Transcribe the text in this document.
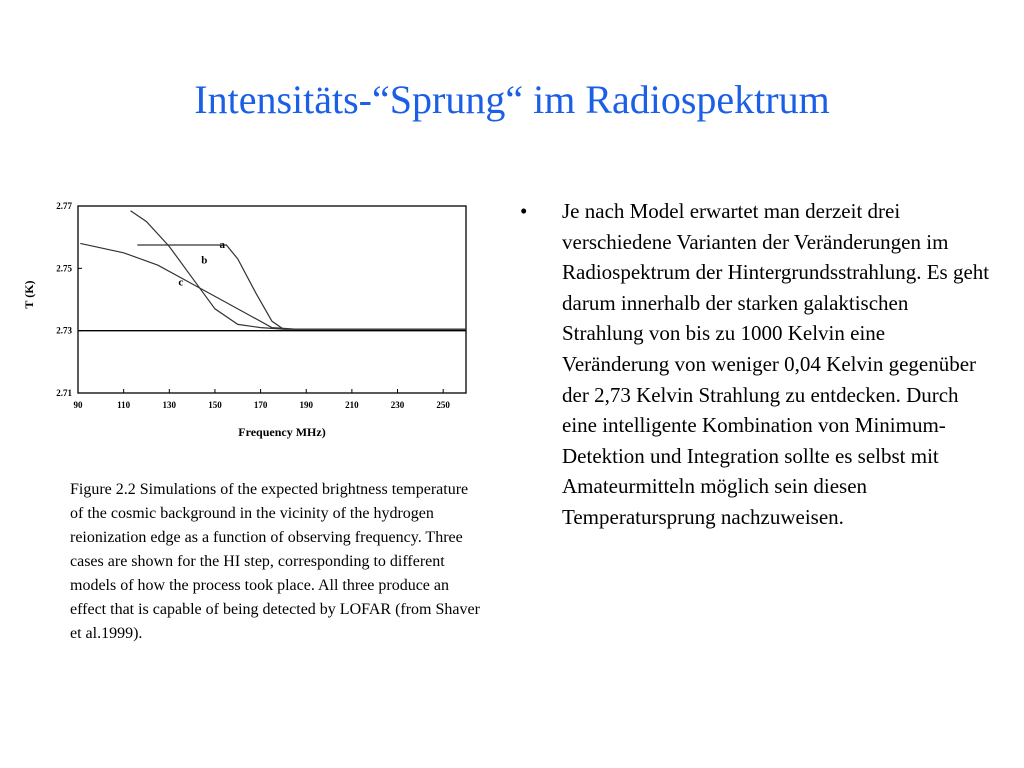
Intensitäts-“Sprung“ im Radiospektrum
90	110	130	150	170	190	210	230	250
2.77
2.75
2.73
2.71
Frequency MHz)
T (K)
a
b
c
Figure 2.2 Simulations of the expected brightness temperature of the cosmic background in the vicinity of the hydrogen reionization edge as a function of observing frequency. Three cases are shown for the HI step, corresponding to different models of how the process took place. All three produce an effect that is capable of being detected by LOFAR (from Shaver et al.1999).
• Je nach Model erwartet man derzeit drei verschiedene Varianten der Veränderungen im Radiospektrum der Hintergrundsstrahlung. Es geht darum innerhalb der starken galaktischen Strahlung von bis zu 1000 Kelvin eine Veränderung von weniger 0,04 Kelvin gegenüber der 2,73 Kelvin Strahlung zu entdecken. Durch eine intelligente Kombination von Minimum-Detektion und Integration sollte es selbst mit Amateurmitteln möglich sein diesen Temperatursprung nachzuweisen.
